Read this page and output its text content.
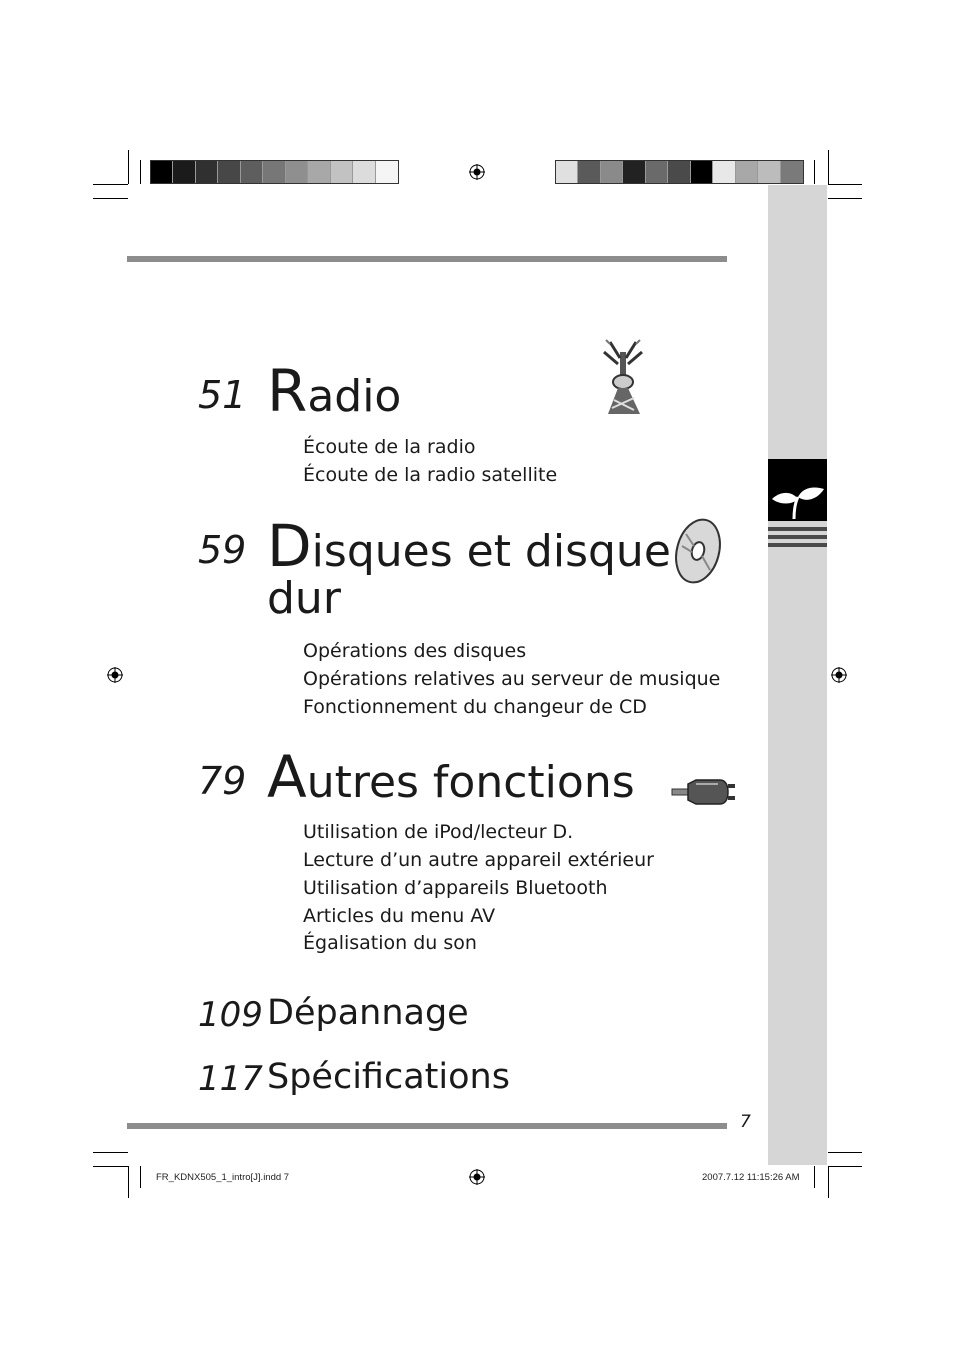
51 Radio
Écoute de la radio
Écoute de la radio satellite
59 Disques et disque
dur
Opérations des disques
Opérations relatives au serveur de musique
Fonctionnement du changeur de CD
79 Autres fonctions
Utilisation de iPod/lecteur D.
Lecture d’un autre appareil extérieur
Utilisation d’appareils Bluetooth
Articles du menu AV
Égalisation du son
109 Dépannage
117 Spécifications
7
FR_KDNX505_1_intro[J].indd 7	2007.7.12 11:15:26 AM
